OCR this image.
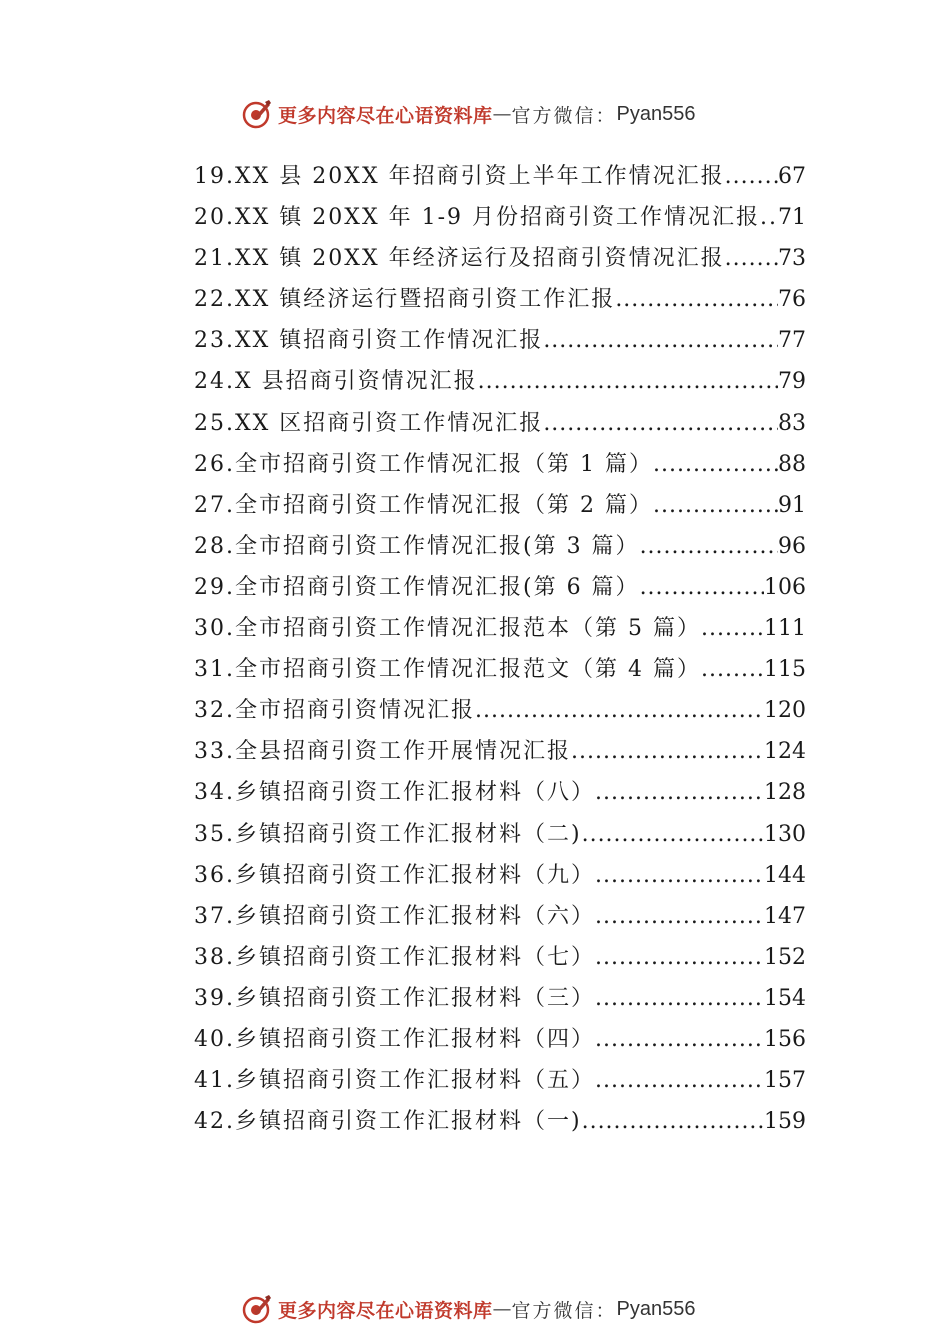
更多内容尽在心语资料库 — 官方微信： Pyan556
19.XX 县 20XX 年招商引资上半年工作情况汇报 ..... 67
20.XX 镇 20XX 年 1-9 月份招商引资工作情况汇报. ..... 71
21.XX 镇 20XX 年经济运行及招商引资情况汇报 ..... 73
22.XX 镇经济运行暨招商引资工作汇报 .....	76
23.XX 镇招商引资工作情况汇报 .....	77
24.X 县招商引资情况汇报 .....	79
25.XX 区招商引资工作情况汇报 .....	83
26.全市招商引资工作情况汇报（第 1 篇） .....	88
27.全市招商引资工作情况汇报（第 2 篇） .....	91
28.全市招商引资工作情况汇报(第 3 篇） .....	96
29.全市招商引资工作情况汇报(第 6 篇） .....	106
30.全市招商引资工作情况汇报范本（第 5 篇） .....	111
31.全市招商引资工作情况汇报范文（第 4 篇） .....	115
32.全市招商引资情况汇报 .....	120
33.全县招商引资工作开展情况汇报 .....	124
34.乡镇招商引资工作汇报材料（八） .....	128
35.乡镇招商引资工作汇报材料（二) .....	130
36.乡镇招商引资工作汇报材料（九） .....	144
37.乡镇招商引资工作汇报材料（六） .....	147
38.乡镇招商引资工作汇报材料（七） .....	152
39.乡镇招商引资工作汇报材料（三） .....	154
40.乡镇招商引资工作汇报材料（四） .....	156
41.乡镇招商引资工作汇报材料（五） .....	157
42.乡镇招商引资工作汇报材料（一) .....	159
更多内容尽在心语资料库 — 官方微信： Pyan556
